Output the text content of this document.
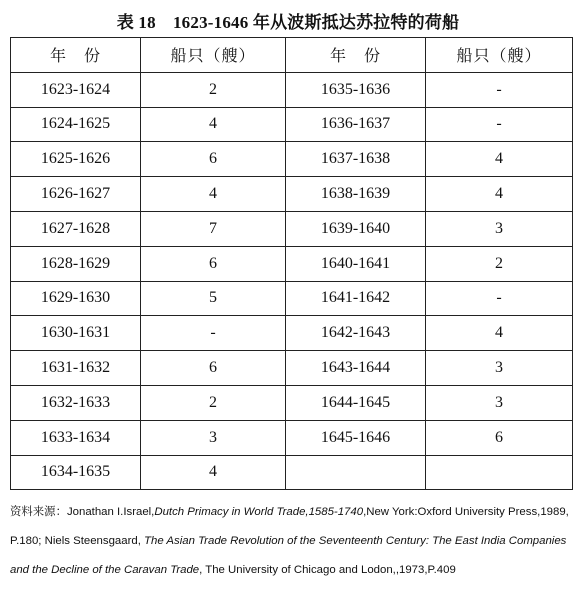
表 18　1623-1646 年从波斯抵达苏拉特的荷船
年　份	船只（艘）	年　份	船只（艘）
1623-1624	2	1635-1636	-
1624-1625	4	1636-1637	-
1625-1626	6	1637-1638	4
1626-1627	4	1638-1639	4
1627-1628	7	1639-1640	3
1628-1629	6	1640-1641	2
1629-1630	5	1641-1642	-
1630-1631	-	1642-1643	4
1631-1632	6	1643-1644	3
1632-1633	2	1644-1645	3
1633-1634	3	1645-1646	6
1634-1635	4		
资料来源：Jonathan I.Israel,Dutch Primacy in World Trade,1585-1740,New York:Oxford University Press,1989, P.180; Niels Steensgaard, The Asian Trade Revolution of the Seventeenth Century: The East India Companies and the Decline of the Caravan Trade, The University of Chicago and Lodon,,1973,P.409
